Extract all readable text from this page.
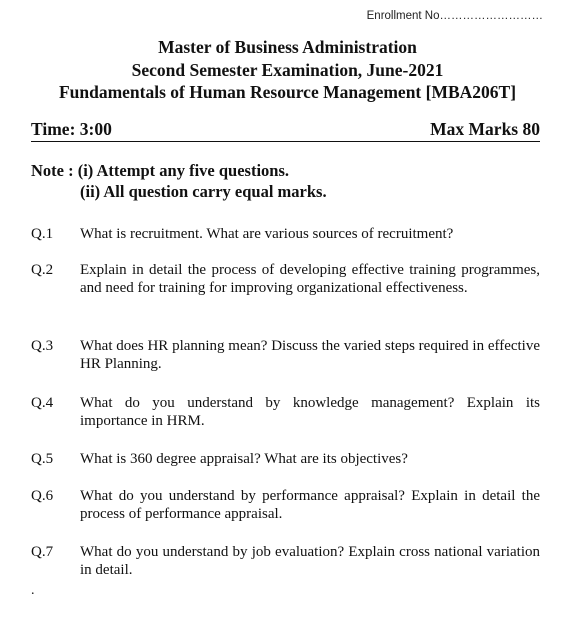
Enrollment No………………………
Master of Business Administration
Second Semester Examination, June-2021
Fundamentals of Human Resource Management [MBA206T]
Time: 3:00	Max Marks 80
Note : (i) Attempt any five questions.
(ii) All question carry equal marks.
Q.1	What is recruitment. What are various sources of recruitment?
Q.2	Explain in detail the process of developing effective training programmes, and need for training for improving organizational effectiveness.
Q.3	What does HR planning mean? Discuss the varied steps required in effective HR Planning.
Q.4	What do you understand by knowledge management? Explain its importance in HRM.
Q.5	What is 360 degree appraisal? What are its objectives?
Q.6	What do you understand by performance appraisal? Explain in detail the process of performance appraisal.
Q.7	What do you understand by job evaluation? Explain cross national variation in detail.
.
